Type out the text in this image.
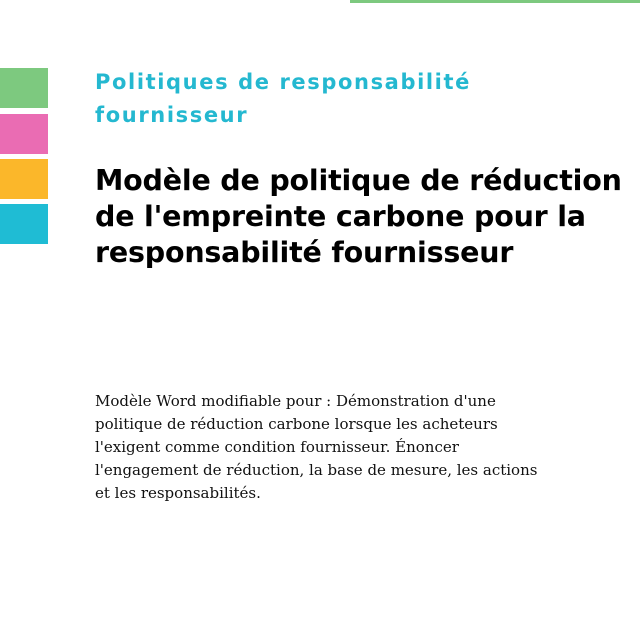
Politiques de responsabilité fournisseur
Modèle de politique de réduction de l'empreinte carbone pour la responsabilité fournisseur

Modèle Word modifiable pour : Démonstration d'une politique de réduction carbone lorsque les acheteurs l'exigent comme condition fournisseur. Énoncer l'engagement de réduction, la base de mesure, les actions et les responsabilités.
